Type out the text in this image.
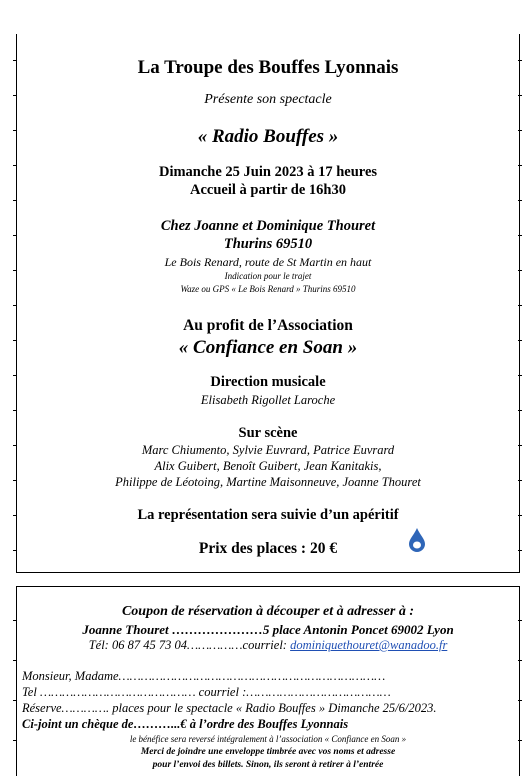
La Troupe des Bouffes Lyonnais
Présente son spectacle
« Radio Bouffes »
Dimanche 25 Juin 2023 à 17 heures
Accueil à partir de 16h30
Chez Joanne et Dominique Thouret
Thurins 69510
Le Bois Renard, route de St Martin en haut
Indication pour le trajet
Waze ou GPS « Le Bois Renard » Thurins 69510
Au profit de l’Association
« Confiance en Soan »
Direction musicale
Elisabeth Rigollet Laroche
Sur scène
Marc Chiumento, Sylvie Euvrard, Patrice Euvrard
Alix Guibert, Benoît Guibert, Jean Kanitakis,
Philippe de Léotoing, Martine Maisonneuve, Joanne Thouret
La représentation sera suivie d’un apéritif
Prix des places : 20 €
Coupon de réservation à découper et à adresser à :
Joanne Thouret …………………5 place Antonin Poncet 69002 Lyon
Tél: 06 87 45 73 04……………courriel: dominiquethouret@wanadoo.fr
Monsieur, Madame………………………………………………………………
Tel …………………………………… courriel :…………………………………
Réserve…………. places pour le spectacle « Radio Bouffes » Dimanche 25/6/2023.
Ci-joint un chèque de………...€ à l’ordre des Bouffes Lyonnais
le bénéfice sera reversé intégralement à l’association « Confiance en Soan »
Merci de joindre une enveloppe timbrée avec vos noms et adresse
pour l’envoi des billets. Sinon, ils seront à retirer à l’entrée
